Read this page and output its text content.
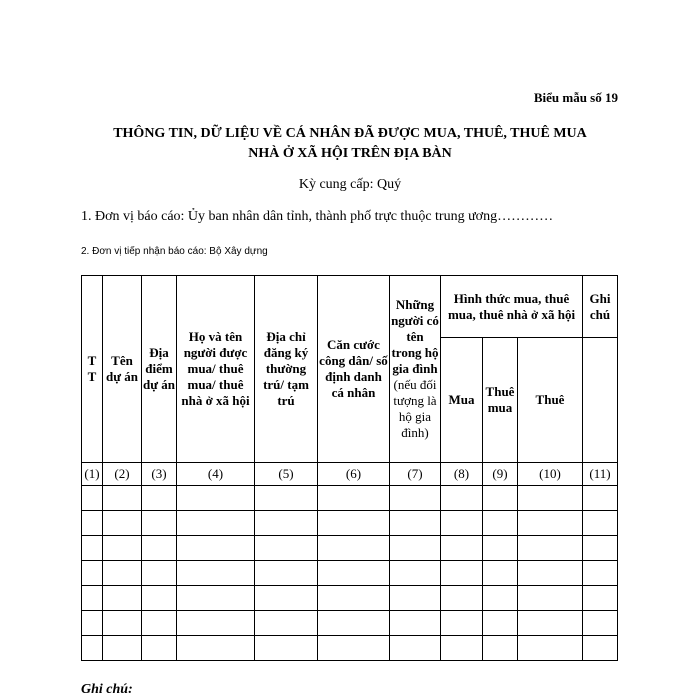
Biểu mẫu số 19
THÔNG TIN, DỮ LIỆU VỀ CÁ NHÂN ĐÃ ĐƯỢC MUA, THUÊ, THUÊ MUA
NHÀ Ở XÃ HỘI TRÊN ĐỊA BÀN
Kỳ cung cấp: Quý
1. Đơn vị báo cáo: Ủy ban nhân dân tỉnh, thành phố trực thuộc trung ương…………
2. Đơn vị tiếp nhận báo cáo: Bộ Xây dựng
T T	Tên dự án	Địa điểm dự án	Họ và tên người được mua/ thuê mua/ thuê nhà ở xã hội	Địa chỉ đăng ký thường trú/ tạm trú	Căn cước công dân/ số định danh cá nhân	Những người có tên trong hộ gia đình (nếu đối tượng là hộ gia đình)	Hình thức mua, thuê mua, thuê nhà ở xã hội			Ghi chú
							Mua	Thuê mua	Thuê	
(1)	(2)	(3)	(4)	(5)	(6)	(7)	(8)	(9)	(10)	(11)

Ghi chú:
